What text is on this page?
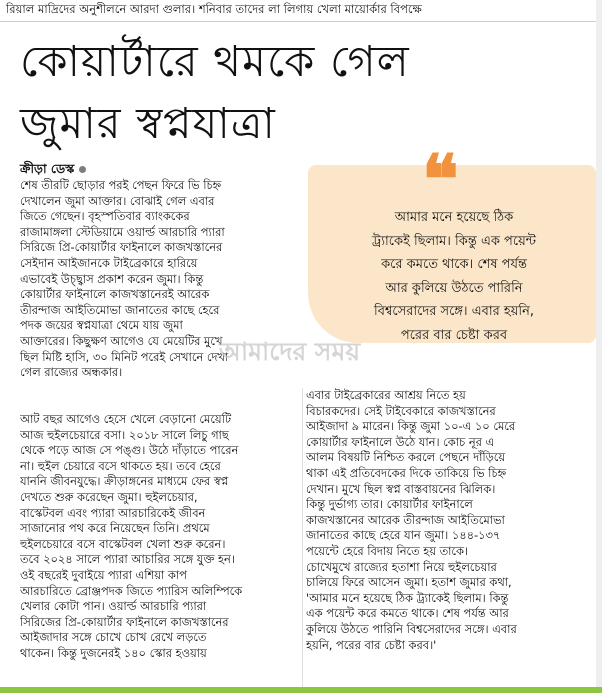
রিয়াল মাদ্রিদের অনুশীলনে আরদা গুলার। শনিবার তাদের লা লিগায় খেলা মায়োর্কার বিপক্ষে
কোয়ার্টারে থমকে গেল
জুমার স্বপ্নযাত্রা
ক্রীড়া ডেস্ক	❝
আমার মনে হয়েছে ঠিক
ট্র্যাকেই ছিলাম। কিন্তু এক পয়েন্ট
করে কমতে থাকে। শেষ পর্যন্ত
আর কুলিয়ে উঠতে পারিনি
বিশ্বসেরাদের সঙ্গে। এবার হয়নি,
পরের বার চেষ্টা করব
শেষ তীরটি ছোড়ার পরই পেছন ফিরে ভি চিহ্ন
দেখালেন জুমা আক্তার। বোঝাই গেল এবার
জিতে গেছেন। বৃহস্পতিবার ব্যাংককের
রাজামাঙ্গলা স্টেডিয়ামে ওয়ার্ল্ড আরচারি প্যারা
সিরিজে প্রি-কোয়ার্টার ফাইনালে কাজখস্তানের
সেইদান আইজানকে টাইব্রেকারে হারিয়ে
এভাবেই উচ্ছ্বাস প্রকাশ করেন জুমা। কিন্তু
কোয়ার্টার ফাইনালে কাজখস্তানেরই আরেক
তীরন্দাজ আইতিমোভা জানাতের কাছে হেরে
পদক জয়ের স্বপ্নযাত্রা থেমে যায় জুমা
আক্তারের। কিছুক্ষণ আগেও যে মেয়েটির মুখে
ছিল মিষ্টি হাসি, ৩০ মিনিট পরেই সেখানে দেখা
গেল রাজ্যের অন্ধকার।
আট বছর আগেও হেসে খেলে বেড়ানো মেয়েটি
আজ হুইলচেয়ারে বসা। ২০১৮ সালে লিচু গাছ
থেকে পড়ে আজ সে পঙ্গু। উঠে দাঁড়াতে পারেন
না। হুইল চেয়ারে বসে থাকতে হয়। তবে হেরে
যাননি জীবনযুদ্ধে। ক্রীড়াঙ্গনের মাধ্যমে ফের স্বপ্ন
দেখতে শুরু করেছেন জুমা। হুইলচেয়ার,
বাস্কেটবল এবং প্যারা আরচারিকেই জীবন
সাজানোর পথ করে নিয়েছেন তিনি। প্রথমে
হুইলচেয়ারে বসে বাস্কেটবল খেলা শুরু করেন।
তবে ২০২৪ সালে প্যারা আচারির সঙ্গে যুক্ত হন।
ওই বছরেই দুবাইয়ে প্যারা এশিয়া কাপ
আরচারিতে ব্রোঞ্জপদক জিতে প্যারিস অলিম্পিকে
খেলার কোটা পান। ওয়ার্ল্ড আরচারি প্যারা
সিরিজের প্রি-কোয়ার্টার ফাইনালে কাজখস্তানের
আইজাদার সঙ্গে চোখে চোখ রেখে লড়তে
থাকেন। কিন্তু দুজনেরই ১৪০ স্কোর হওয়ায়
এবার টাইব্রেকারের আশ্রয় নিতে হয়
বিচারকদের। সেই টাইবেকারে কাজখস্তানের
আইজাদা ৯ মারেন। কিন্তু জুমা ১০-এ ১০ মেরে
কোয়ার্টার ফাইনালে উঠে যান। কোচ নূর এ
আলম বিষয়টি নিশ্চিত করলে পেছনে দাঁড়িয়ে
থাকা এই প্রতিবেদকের দিকে তাকিয়ে ভি চিহ্ন
দেখান। মুখে ছিল স্বপ্ন বাস্তবায়নের ঝিলিক।
কিন্তু দুর্ভাগ্য তার। কোয়ার্টার ফাইনালে
কাজখস্তানের আরেক তীরন্দাজ আইতিমোভা
জানাতের কাছে হেরে যান জুমা। ১৪৪-১৩৭
পয়েন্টে হেরে বিদায় নিতে হয় তাকে।
চোখেমুখে রাজ্যের হতাশা নিয়ে হুইলচেয়ার
চালিয়ে ফিরে আসেন জুমা। হতাশ জুমার কথা,
'আমার মনে হয়েছে ঠিক ট্র্যাকেই ছিলাম। কিন্তু
এক পয়েন্ট করে কমতে থাকে। শেষ পর্যন্ত আর
কুলিয়ে উঠতে পারিনি বিশ্বসেরাদের সঙ্গে। এবার
হয়নি, পরের বার চেষ্টা করব।'
আমাদের সময়
